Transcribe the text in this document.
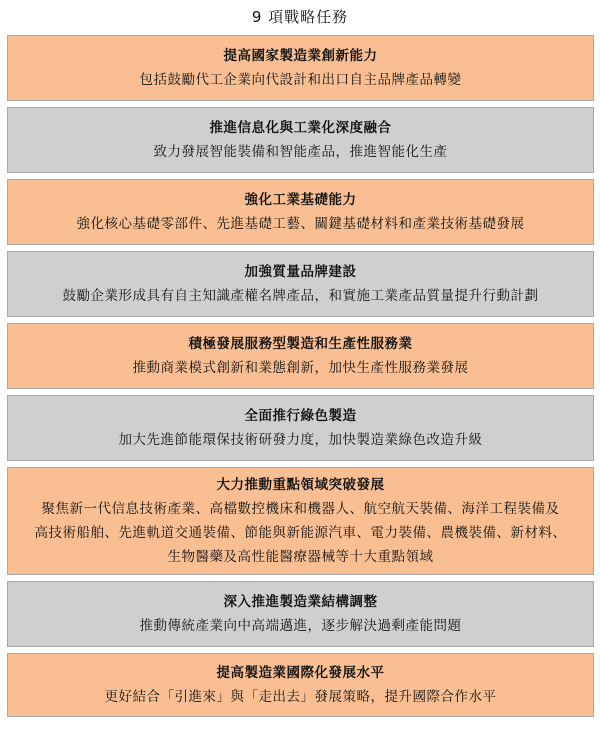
9 項戰略任務
提高國家製造業創新能力
包括鼓勵代工企業向代設計和出口自主品牌產品轉變
推進信息化與工業化深度融合
致力發展智能裝備和智能產品，推進智能化生產
強化工業基礎能力
強化核心基礎零部件、先進基礎工藝、關鍵基礎材料和產業技術基礎發展
加強質量品牌建設
鼓勵企業形成具有自主知識產權名牌產品，和實施工業產品質量提升行動計劃
積極發展服務型製造和生產性服務業
推動商業模式創新和業態創新，加快生產性服務業發展
全面推行綠色製造
加大先進節能環保技術研發力度，加快製造業綠色改造升級
大力推動重點領域突破發展
聚焦新一代信息技術產業、高檔數控機床和機器人、航空航天裝備、海洋工程裝備及
高技術船舶、先進軌道交通裝備、節能與新能源汽車、電力裝備、農機裝備、新材料、
生物醫藥及高性能醫療器械等十大重點領域
深入推進製造業結構調整
推動傳統產業向中高端邁進，逐步解決過剩產能問題
提高製造業國際化發展水平
更好結合「引進來」與「走出去」發展策略，提升國際合作水平
